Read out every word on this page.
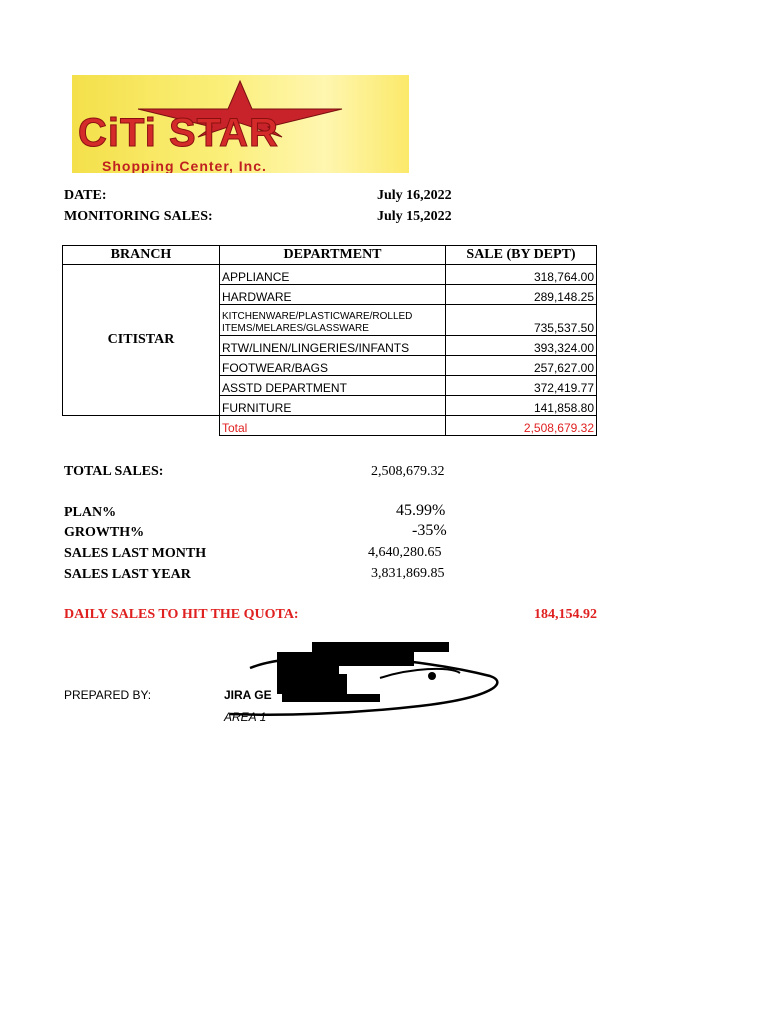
CiTi STAR
Shopping Center, Inc.
DATE:	July 16,2022
MONITORING SALES:	July 15,2022
BRANCH	DEPARTMENT	SALE (BY DEPT)
CITISTAR	APPLIANCE	318,764.00
	HARDWARE	289,148.25
	KITCHENWARE/PLASTICWARE/ROLLED ITEMS/MELARES/GLASSWARE	735,537.50
	RTW/LINEN/LINGERIES/INFANTS	393,324.00
	FOOTWEAR/BAGS	257,627.00
	ASSTD DEPARTMENT	372,419.77
	FURNITURE	141,858.80
	Total	2,508,679.32
TOTAL SALES:	2,508,679.32
PLAN%	45.99%
GROWTH%	-35%
SALES LAST MONTH	4,640,280.65
SALES LAST YEAR	3,831,869.85
DAILY SALES TO HIT THE QUOTA:	184,154.92
PREPARED BY:	JIRA GE
AREA 1
